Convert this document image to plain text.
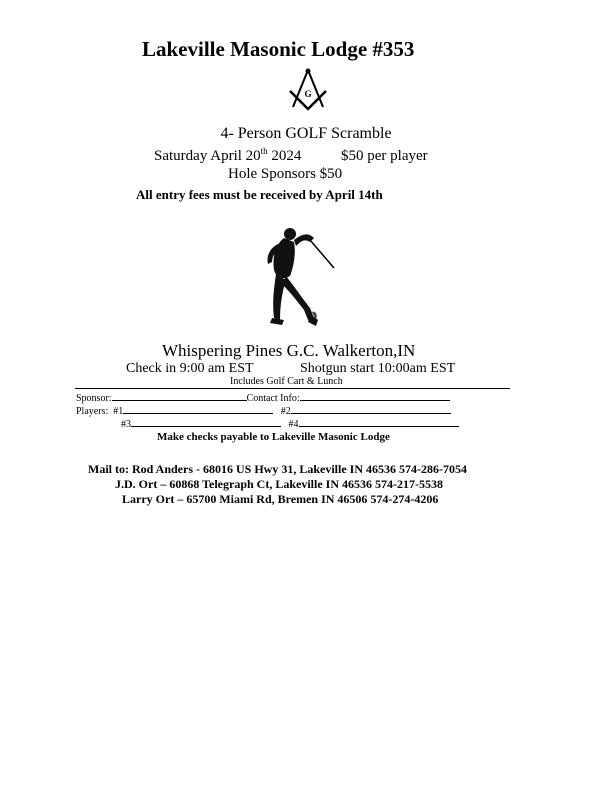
Lakeville Masonic Lodge #353
G
4- Person GOLF Scramble
Saturday April 20th 2024	$50 per player
Hole Sponsors $50
All entry fees must be received by April 14th
Whispering Pines G.C. Walkerton,IN
Check in 9:00 am EST	Shotgun start 10:00am EST
Includes Golf Cart & Lunch
Sponsor:	Contact Info:
Players: #1	#2
#3	#4
Make checks payable to Lakeville Masonic Lodge
Mail to: Rod Anders - 68016 US Hwy 31, Lakeville IN 46536 574-286-7054
J.D. Ort – 60868 Telegraph Ct, Lakeville IN 46536 574-217-5538
Larry Ort – 65700 Miami Rd, Bremen IN 46506 574-274-4206
